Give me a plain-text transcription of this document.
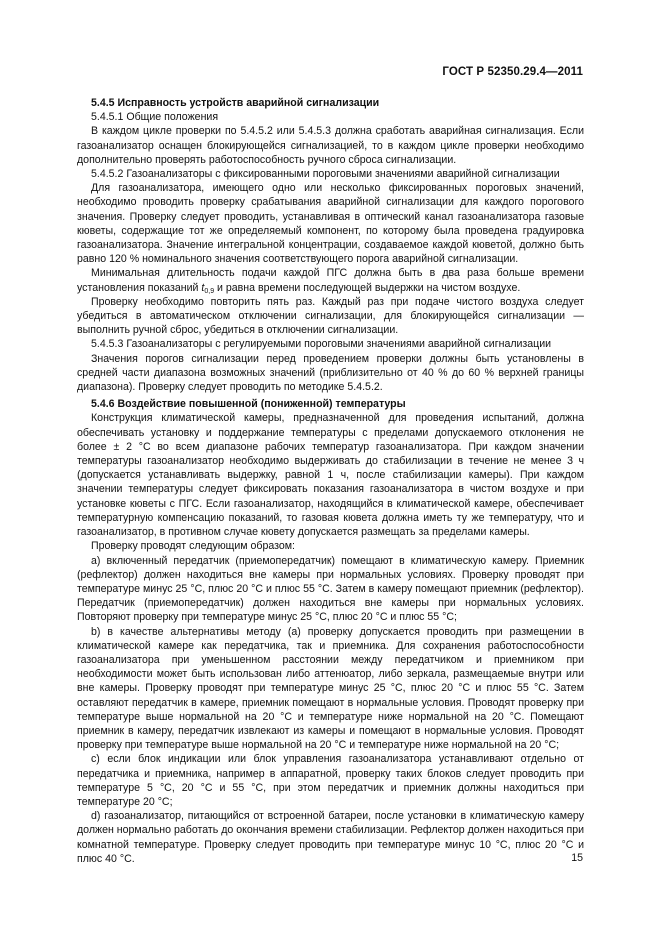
ГОСТ Р 52350.29.4—2011

5.4.5 Исправность устройств аварийной сигнализации

5.4.5.1 Общие положения

В каждом цикле проверки по 5.4.5.2 или 5.4.5.3 должна сработать аварийная сигнализация. Если газоанализатор оснащен блокирующейся сигнализацией, то в каждом цикле проверки необходимо дополнительно проверять работоспособность ручного сброса сигнализации.

5.4.5.2 Газоанализаторы с фиксированными пороговыми значениями аварийной сигнализации

Для газоанализатора, имеющего одно или несколько фиксированных пороговых значений, необходимо проводить проверку срабатывания аварийной сигнализации для каждого порогового значения. Проверку следует проводить, устанавливая в оптический канал газоанализатора газовые кюветы, содержащие тот же определяемый компонент, по которому была проведена градуировка газоанализатора. Значение интегральной концентрации, создаваемое каждой кюветой, должно быть равно 120 % номинального значения соответствующего порога аварийной сигнализации.

Минимальная длительность подачи каждой ПГС должна быть в два раза больше времени установления показаний $t_{0,9}$ и равна времени последующей выдержки на чистом воздухе.

Проверку необходимо повторить пять раз. Каждый раз при подаче чистого воздуха следует убедиться в автоматическом отключении сигнализации, для блокирующейся сигнализации — выполнить ручной сброс, убедиться в отключении сигнализации.

5.4.5.3 Газоанализаторы с регулируемыми пороговыми значениями аварийной сигнализации

Значения порогов сигнализации перед проведением проверки должны быть установлены в средней части диапазона возможных значений (приблизительно от 40 % до 60 % верхней границы диапазона). Проверку следует проводить по методике 5.4.5.2.

5.4.6 Воздействие повышенной (пониженной) температуры

Конструкция климатической камеры, предназначенной для проведения испытаний, должна обеспечивать установку и поддержание температуры с пределами допускаемого отклонения не более ± 2 °С во всем диапазоне рабочих температур газоанализатора. При каждом значении температуры газоанализатор необходимо выдерживать до стабилизации в течение не менее 3 ч (допускается устанавливать выдержку, равной 1 ч, после стабилизации камеры). При каждом значении температуры следует фиксировать показания газоанализатора в чистом воздухе и при установке кюветы с ПГС. Если газоанализатор, находящийся в климатической камере, обеспечивает температурную компенсацию показаний, то газовая кювета должна иметь ту же температуру, что и газоанализатор, в противном случае кювету допускается размещать за пределами камеры.

Проверку проводят следующим образом:

а) включенный передатчик (приемопередатчик) помещают в климатическую камеру. Приемник (рефлектор) должен находиться вне камеры при нормальных условиях. Проверку проводят при температуре минус 25 °С, плюс 20 °С и плюс 55 °С. Затем в камеру помещают приемник (рефлектор). Передатчик (приемопередатчик) должен находиться вне камеры при нормальных условиях. Повторяют проверку при температуре минус 25 °С, плюс 20 °С и плюс 55 °С;

b) в качестве альтернативы методу (а) проверку допускается проводить при размещении в климатической камере как передатчика, так и приемника. Для сохранения работоспособности газоанализатора при уменьшенном расстоянии между передатчиком и приемником при необходимости может быть использован либо аттенюатор, либо зеркала, размещаемые внутри или вне камеры. Проверку проводят при температуре минус 25 °С, плюс 20 °С и плюс 55 °С. Затем оставляют передатчик в камере, приемник помещают в нормальные условия. Проводят проверку при температуре выше нормальной на 20 °С и температуре ниже нормальной на 20 °С. Помещают приемник в камеру, передатчик извлекают из камеры и помещают в нормальные условия. Проводят проверку при температуре выше нормальной на 20 °С и температуре ниже нормальной на 20 °С;

с) если блок индикации или блок управления газоанализатора устанавливают отдельно от передатчика и приемника, например в аппаратной, проверку таких блоков следует проводить при температуре 5 °С, 20 °С и 55 °С, при этом передатчик и приемник должны находиться при температуре 20 °С;

d) газоанализатор, питающийся от встроенной батареи, после установки в климатическую камеру должен нормально работать до окончания времени стабилизации. Рефлектор должен находиться при комнатной температуре. Проверку следует проводить при температуре минус 10 °С, плюс 20 °С и плюс 40 °С.	15
